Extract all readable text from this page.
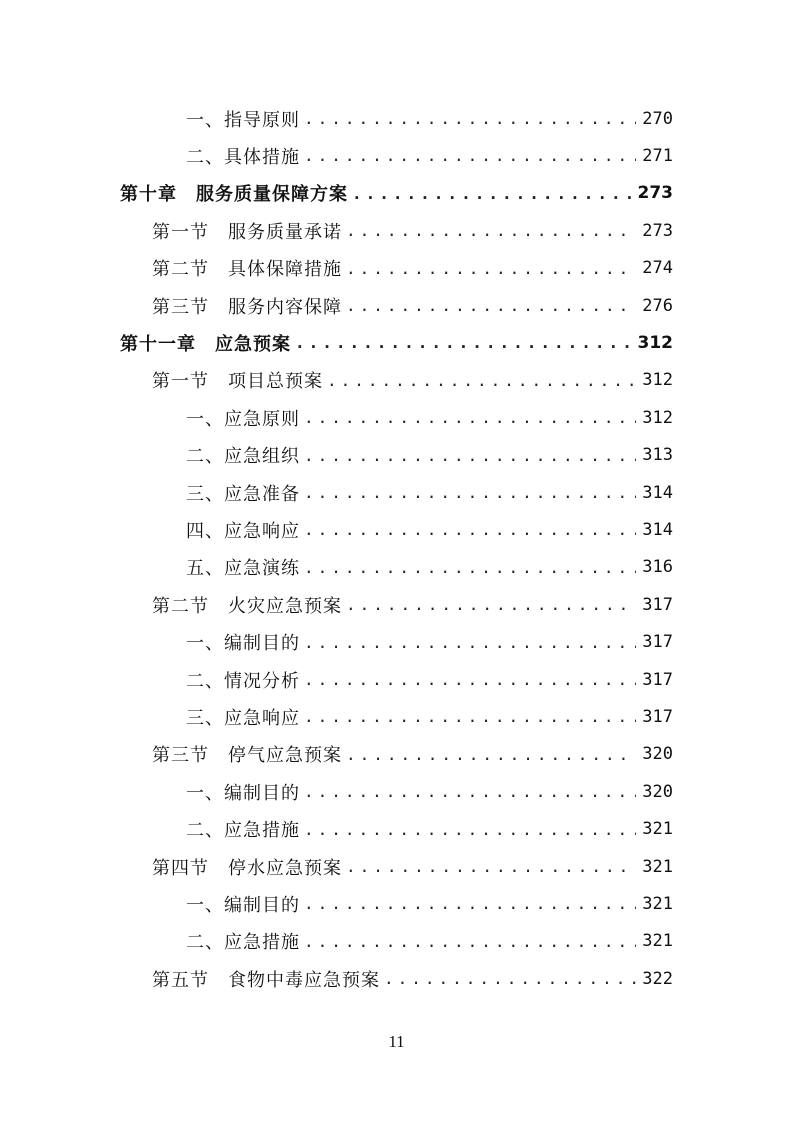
一、指导原则 .....	270
二、具体措施 .....	271
第十章　服务质量保障方案 .....	273
第一节　服务质量承诺 .....	273
第二节　具体保障措施 .....	274
第三节　服务内容保障 .....	276
第十一章　应急预案 .....	312
第一节　项目总预案 .....	312
一、应急原则 .....	312
二、应急组织 .....	313
三、应急准备 .....	314
四、应急响应 .....	314
五、应急演练 .....	316
第二节　火灾应急预案 .....	317
一、编制目的 .....	317
二、情况分析 .....	317
三、应急响应 .....	317
第三节　停气应急预案 .....	320
一、编制目的 .....	320
二、应急措施 .....	321
第四节　停水应急预案 .....	321
一、编制目的 .....	321
二、应急措施 .....	321
第五节　食物中毒应急预案 .....	322
11
